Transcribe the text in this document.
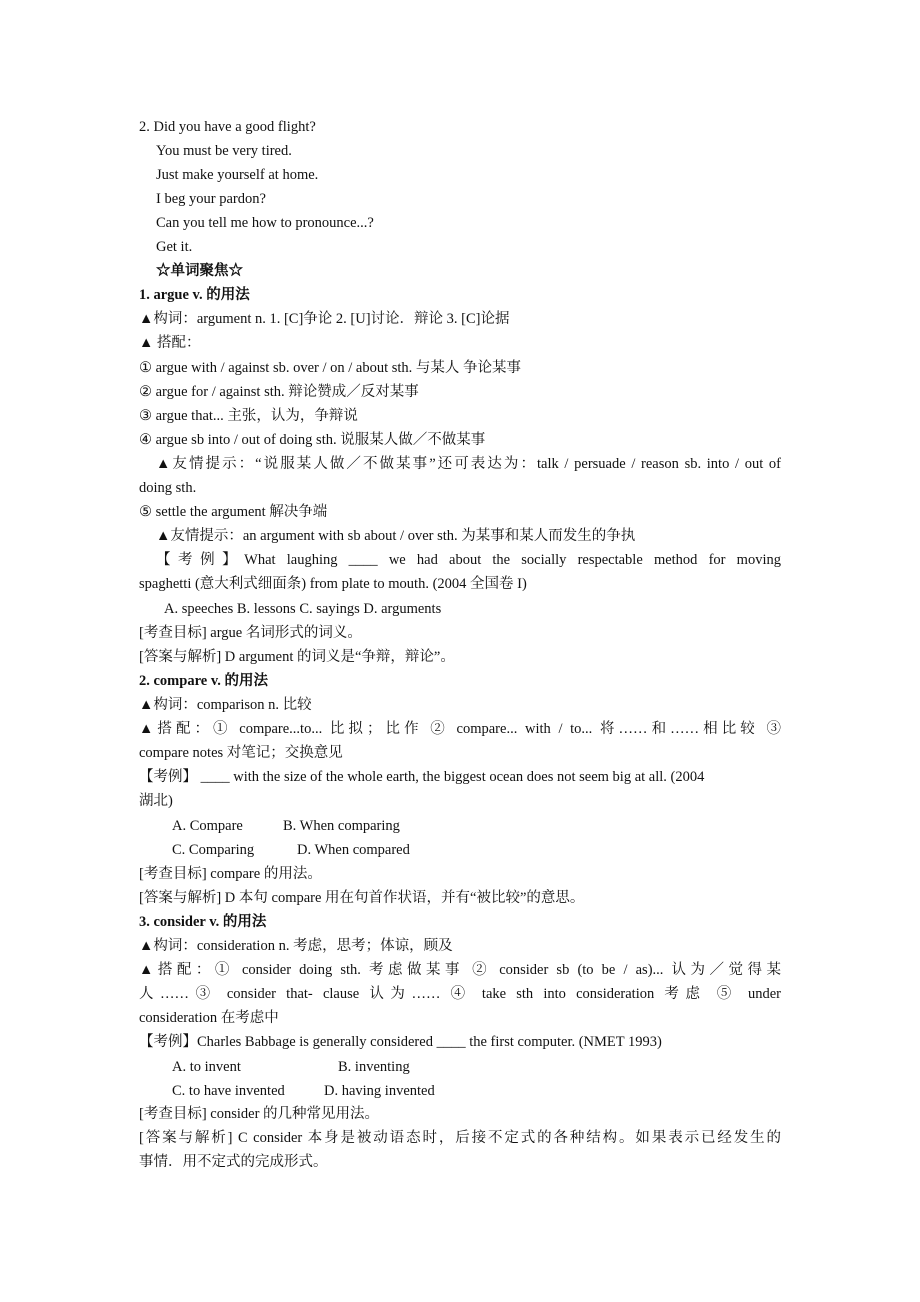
2. Did you have a good flight?
You must be very tired.
Just make yourself at home.
I beg your pardon?
Can you tell me how to pronounce...?
Get it.
☆单词聚焦☆
1. argue v. 的用法
▲构词：argument n. 1. [C]争论 2. [U]讨论．辩论 3. [C]论据
▲ 搭配：
① argue with / against sb. over / on / about sth. 与某人 争论某事
② argue for / against sth. 辩论赞成／反对某事
③ argue that... 主张，认为，争辩说
④ argue sb into / out of doing sth. 说服某人做／不做某事
▲友情提示：“说服某人做／不做某事”还可表达为：talk / persuade / reason sb. into / out of
doing sth.
⑤ settle the argument 解决争端
▲友情提示：an argument with sb about / over sth. 为某事和某人而发生的争执
【考例】What laughing ____ we had about the socially respectable method for moving
spaghetti (意大利式细面条) from plate to mouth. (2004 全国卷 I)
A. speeches B. lessons C. sayings D. arguments
[考查目标] argue 名词形式的词义。
[答案与解析] D argument 的词义是“争辩，辩论”。
2. compare v. 的用法
▲构词：comparison n. 比较
▲搭配：① compare...to... 比拟；比作 ② compare... with / to... 将……和……相比较 ③
compare notes 对笔记；交换意见
【考例】 ____ with the size of the whole earth, the biggest ocean does not seem big at all. (2004
湖北)
A. Compare	B. When comparing
C. Comparing	D. When compared
[考查目标] compare 的用法。
[答案与解析] D 本句 compare 用在句首作状语，并有“被比较”的意思。
3. consider v. 的用法
▲构词：consideration n. 考虑，思考；体谅，顾及
▲搭配：① consider doing sth. 考虑做某事 ② consider sb (to be / as)... 认为／觉得某
人……③ consider that- clause 认为…… ④ take sth into consideration 考虑 ⑤ under
consideration 在考虑中
【考例】Charles Babbage is generally considered ____ the first computer. (NMET 1993)
A. to invent	B. inventing
C. to have invented	D. having invented
[考查目标] consider 的几种常见用法。
[答案与解析] C consider 本身是被动语态时，后接不定式的各种结构。如果表示已经发生的
事情．用不定式的完成形式。
